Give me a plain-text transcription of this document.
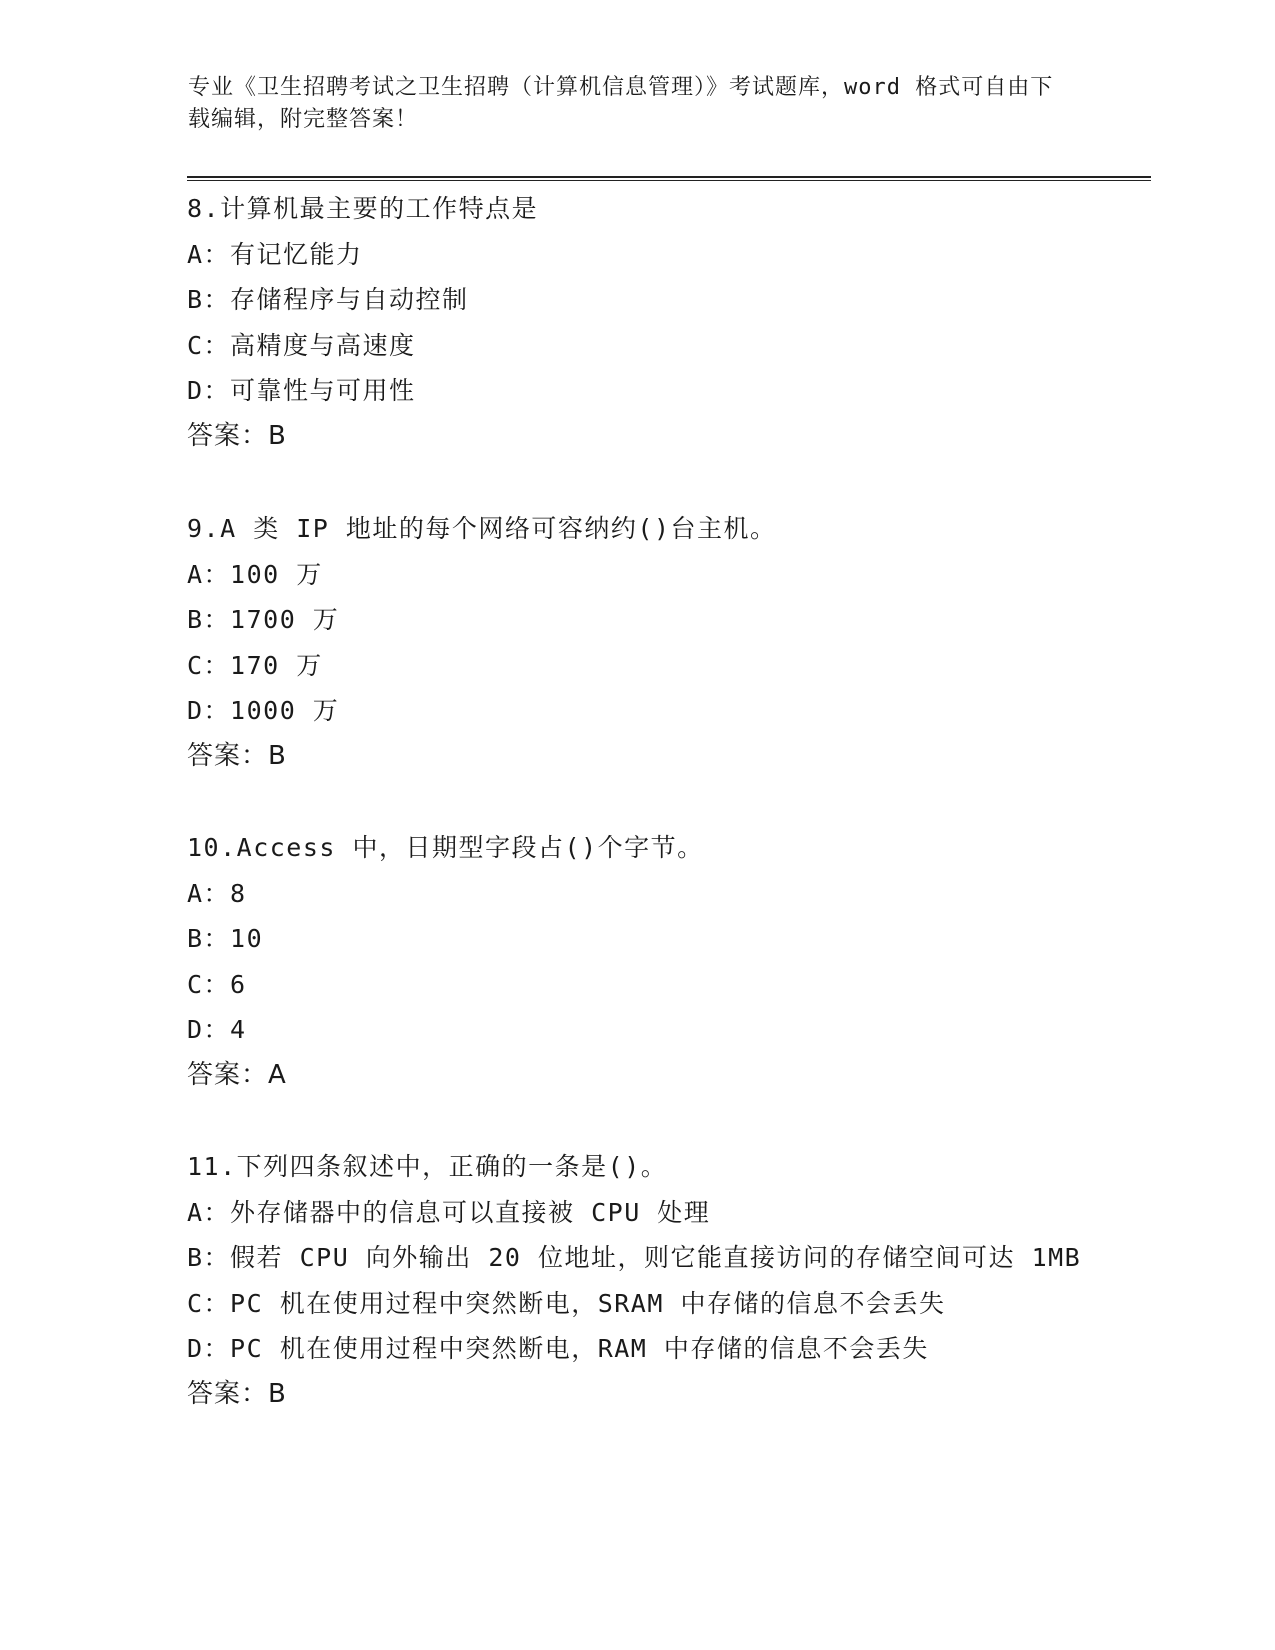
专业《卫生招聘考试之卫生招聘（计算机信息管理）》考试题库，word 格式可自由下载编辑，附完整答案！
8.计算机最主要的工作特点是
A：有记忆能力
B：存储程序与自动控制
C：高精度与高速度
D：可靠性与可用性
答案：B
9.A 类 IP 地址的每个网络可容纳约()台主机。
A：100 万
B：1700 万
C：170 万
D：1000 万
答案：B
10.Access 中，日期型字段占()个字节。
A：8
B：10
C：6
D：4
答案：A
11.下列四条叙述中，正确的一条是()。
A：外存储器中的信息可以直接被 CPU 处理
B：假若 CPU 向外输出 20 位地址，则它能直接访问的存储空间可达 1MB
C：PC 机在使用过程中突然断电，SRAM 中存储的信息不会丢失
D：PC 机在使用过程中突然断电，RAM 中存储的信息不会丢失
答案：B
